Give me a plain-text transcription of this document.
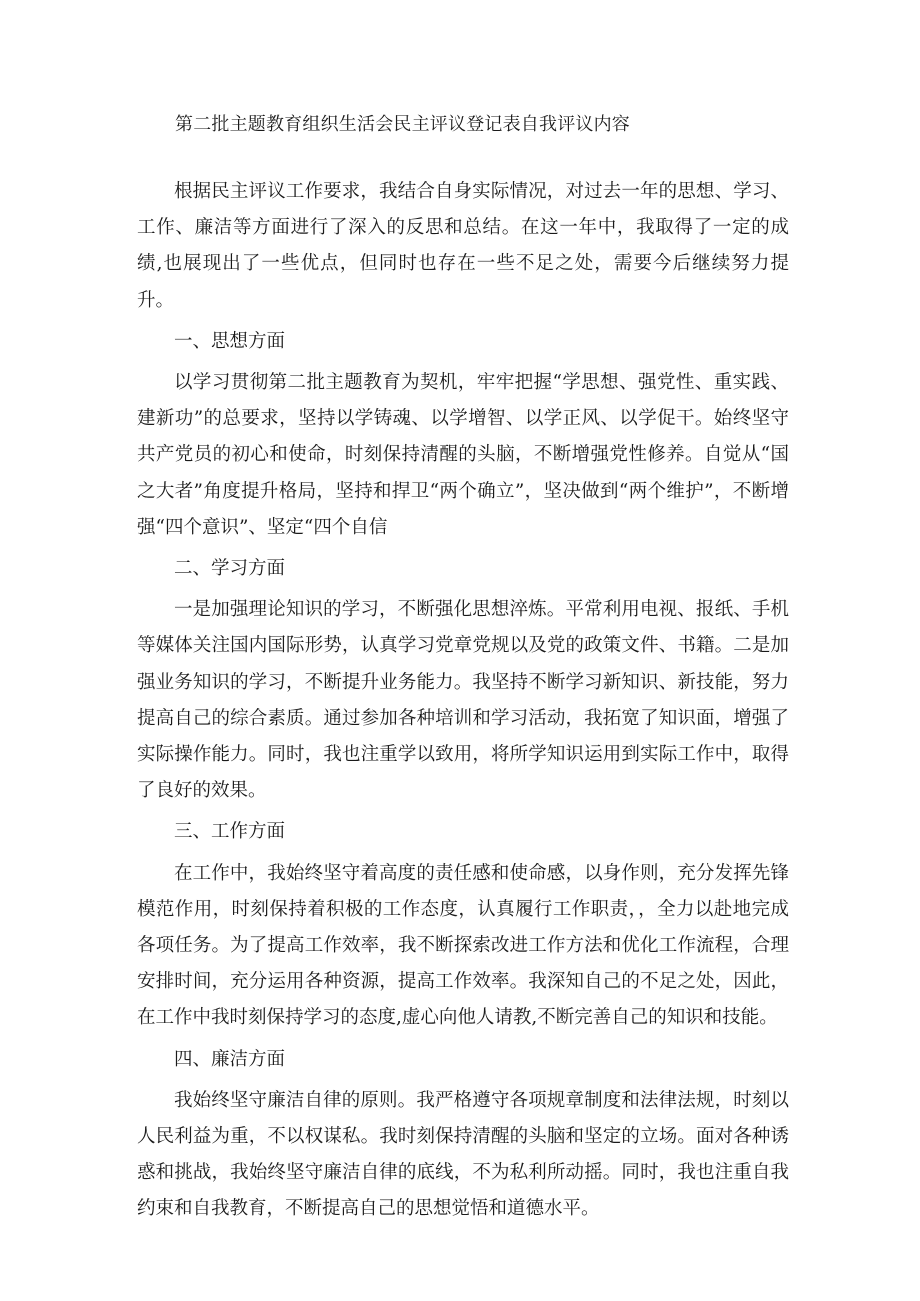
第二批主题教育组织生活会民主评议登记表自我评议内容

根据民主评议工作要求，我结合自身实际情况，对过去一年的思想、学习、工作、廉洁等方面进行了深入的反思和总结。在这一年中，我取得了一定的成绩,也展现出了一些优点，但同时也存在一些不足之处，需要今后继续努力提升。

一、思想方面

以学习贯彻第二批主题教育为契机，牢牢把握“学思想、强党性、重实践、建新功”的总要求，坚持以学铸魂、以学增智、以学正风、以学促干。始终坚守共产党员的初心和使命，时刻保持清醒的头脑，不断增强党性修养。自觉从“国之大者”角度提升格局，坚持和捍卫“两个确立”，坚决做到“两个维护”，不断增强“四个意识”、坚定“四个自信

二、学习方面

一是加强理论知识的学习，不断强化思想淬炼。平常利用电视、报纸、手机等媒体关注国内国际形势，认真学习党章党规以及党的政策文件、书籍。二是加强业务知识的学习，不断提升业务能力。我坚持不断学习新知识、新技能，努力提高自己的综合素质。通过参加各种培训和学习活动，我拓宽了知识面，增强了实际操作能力。同时，我也注重学以致用，将所学知识运用到实际工作中，取得了良好的效果。

三、工作方面

在工作中，我始终坚守着高度的责任感和使命感，以身作则，充分发挥先锋模范作用，时刻保持着积极的工作态度，认真履行工作职责，，全力以赴地完成各项任务。为了提高工作效率，我不断探索改进工作方法和优化工作流程，合理安排时间，充分运用各种资源，提高工作效率。我深知自己的不足之处，因此，在工作中我时刻保持学习的态度,虚心向他人请教,不断完善自己的知识和技能。

四、廉洁方面

我始终坚守廉洁自律的原则。我严格遵守各项规章制度和法律法规，时刻以人民利益为重，不以权谋私。我时刻保持清醒的头脑和坚定的立场。面对各种诱惑和挑战，我始终坚守廉洁自律的底线，不为私利所动摇。同时，我也注重自我约束和自我教育，不断提高自己的思想觉悟和道德水平。
